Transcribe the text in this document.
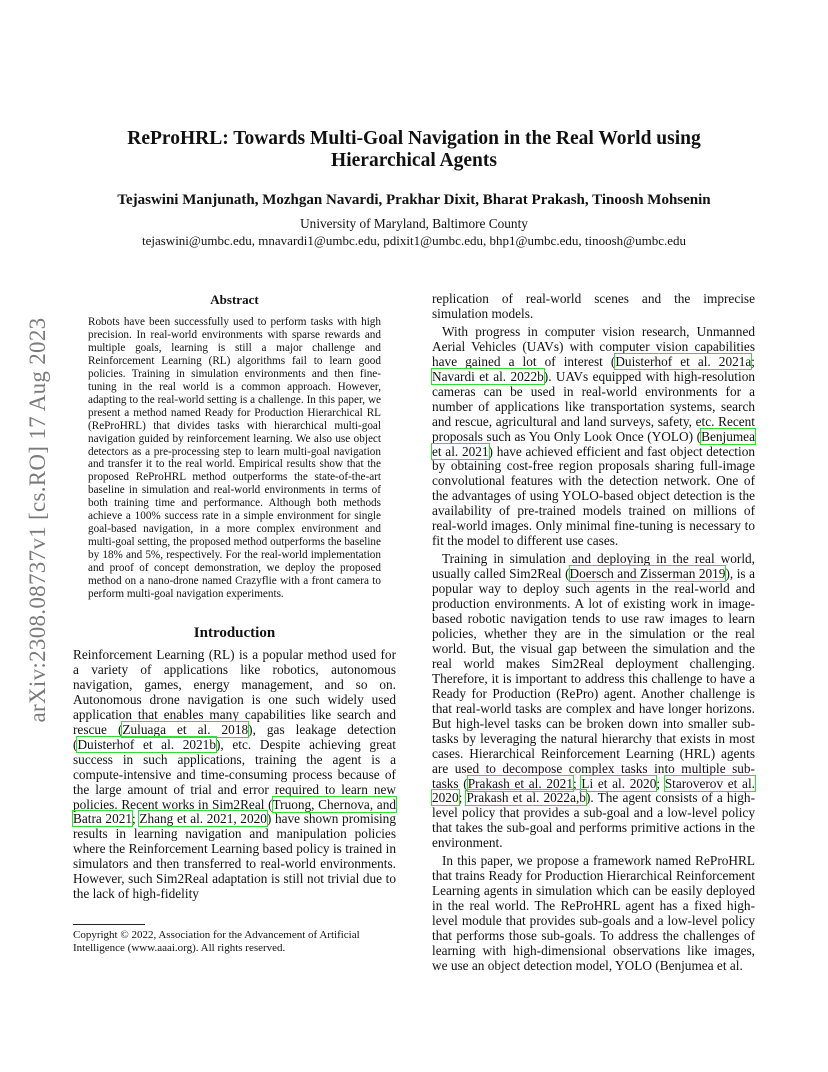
arXiv:2308.08737v1 [cs.RO] 17 Aug 2023
ReProHRL: Towards Multi-Goal Navigation in the Real World using Hierarchical Agents
Tejaswini Manjunath, Mozhgan Navardi, Prakhar Dixit, Bharat Prakash, Tinoosh Mohsenin
University of Maryland, Baltimore County
tejaswini@umbc.edu, mnavardi1@umbc.edu, pdixit1@umbc.edu, bhp1@umbc.edu, tinoosh@umbc.edu
Abstract

Robots have been successfully used to perform tasks with high precision. In real-world environments with sparse rewards and multiple goals, learning is still a major challenge and Reinforcement Learning (RL) algorithms fail to learn good policies. Training in simulation environments and then fine-tuning in the real world is a common approach. However, adapting to the real-world setting is a challenge. In this paper, we present a method named Ready for Production Hierarchical RL (ReProHRL) that divides tasks with hierarchical multi-goal navigation guided by reinforcement learning. We also use object detectors as a pre-processing step to learn multi-goal navigation and transfer it to the real world. Empirical results show that the proposed ReProHRL method outperforms the state-of-the-art baseline in simulation and real-world environments in terms of both training time and performance. Although both methods achieve a 100% success rate in a simple environment for single goal-based navigation, in a more complex environment and multi-goal setting, the proposed method outperforms the baseline by 18% and 5%, respectively. For the real-world implementation and proof of concept demonstration, we deploy the proposed method on a nano-drone named Crazyflie with a front camera to perform multi-goal navigation experiments.

Introduction

Reinforcement Learning (RL) is a popular method used for a variety of applications like robotics, autonomous navigation, games, energy management, and so on. Autonomous drone navigation is one such widely used application that enables many capabilities like search and rescue (Zuluaga et al. 2018), gas leakage detection (Duisterhof et al. 2021b), etc. Despite achieving great success in such applications, training the agent is a compute-intensive and time-consuming process because of the large amount of trial and error required to learn new policies. Recent works in Sim2Real (Truong, Chernova, and Batra 2021; Zhang et al. 2021, 2020) have shown promising results in learning navigation and manipulation policies where the Reinforcement Learning based policy is trained in simulators and then transferred to real-world environments. However, such Sim2Real adaptation is still not trivial due to the lack of high-fidelity

replication of real-world scenes and the imprecise simulation models.

With progress in computer vision research, Unmanned Aerial Vehicles (UAVs) with computer vision capabilities have gained a lot of interest (Duisterhof et al. 2021a; Navardi et al. 2022b). UAVs equipped with high-resolution cameras can be used in real-world environments for a number of applications like transportation systems, search and rescue, agricultural and land surveys, safety, etc. Recent proposals such as You Only Look Once (YOLO) (Benjumea et al. 2021) have achieved efficient and fast object detection by obtaining cost-free region proposals sharing full-image convolutional features with the detection network. One of the advantages of using YOLO-based object detection is the availability of pre-trained models trained on millions of real-world images. Only minimal fine-tuning is necessary to fit the model to different use cases.

Training in simulation and deploying in the real world, usually called Sim2Real (Doersch and Zisserman 2019), is a popular way to deploy such agents in the real-world and production environments. A lot of existing work in image-based robotic navigation tends to use raw images to learn policies, whether they are in the simulation or the real world. But, the visual gap between the simulation and the real world makes Sim2Real deployment challenging. Therefore, it is important to address this challenge to have a Ready for Production (RePro) agent. Another challenge is that real-world tasks are complex and have longer horizons. But high-level tasks can be broken down into smaller sub-tasks by leveraging the natural hierarchy that exists in most cases. Hierarchical Reinforcement Learning (HRL) agents are used to decompose complex tasks into multiple sub-tasks (Prakash et al. 2021; Li et al. 2020; Staroverov et al. 2020; Prakash et al. 2022a,b). The agent consists of a high-level policy that provides a sub-goal and a low-level policy that takes the sub-goal and performs primitive actions in the environment.

In this paper, we propose a framework named ReProHRL that trains Ready for Production Hierarchical Reinforcement Learning agents in simulation which can be easily deployed in the real world. The ReProHRL agent has a fixed high-level module that provides sub-goals and a low-level policy that performs those sub-goals. To address the challenges of learning with high-dimensional observations like images, we use an object detection model, YOLO (Benjumea et al.

Copyright © 2022, Association for the Advancement of Artificial Intelligence (www.aaai.org). All rights reserved.
